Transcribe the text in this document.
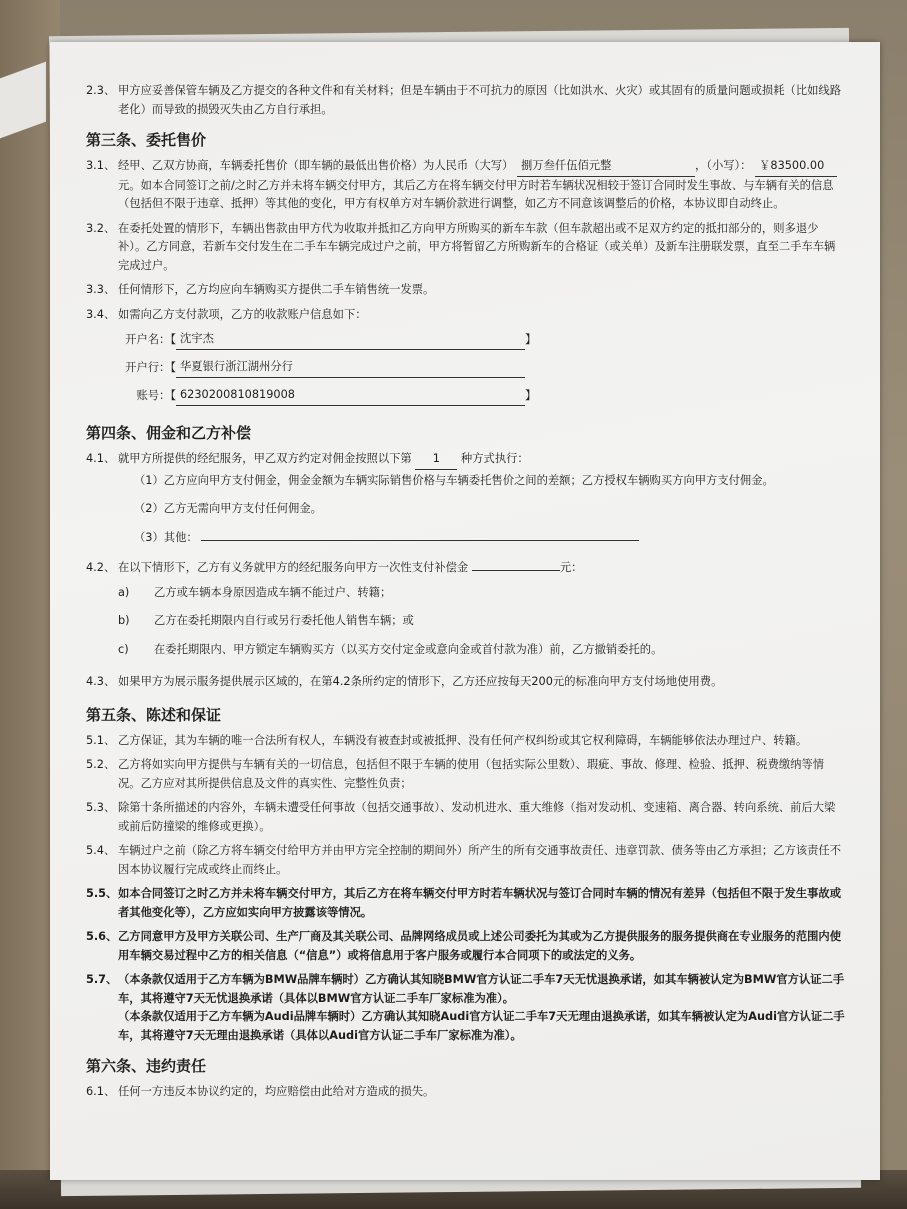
2.3、 甲方应妥善保管车辆及乙方提交的各种文件和有关材料；但是车辆由于不可抗力的原因（比如洪水、火灾）或其固有的质量问题或损耗（比如线路老化）而导致的损毁灭失由乙方自行承担。
第三条、委托售价
3.1、 经甲、乙双方协商，车辆委托售价（即车辆的最低出售价格）为人民币（大写） 捌万叁仟伍佰元整	，（小写）： ￥83500.00元。如本合同签订之前/之时乙方并未将车辆交付甲方，其后乙方在将车辆交付甲方时若车辆状况相较于签订合同时发生事故、与车辆有关的信息（包括但不限于违章、抵押）等其他的变化，甲方有权单方对车辆价款进行调整，如乙方不同意该调整后的价格，本协议即自动终止。
3.2、 在委托处置的情形下，车辆出售款由甲方代为收取并抵扣乙方向甲方所购买的新车车款（但车款超出或不足双方约定的抵扣部分的，则多退少补）。乙方同意，若新车交付发生在二手车车辆完成过户之前，甲方将暂留乙方所购新车的合格证（或关单）及新车注册联发票，直至二手车车辆完成过户。
3.3、 任何情形下，乙方均应向车辆购买方提供二手车销售统一发票。
3.4、 如需向乙方支付款项，乙方的收款账户信息如下：
开户名：【 沈宇杰	】
开户行：【 华夏银行浙江湖州分行
账号：【 6230200810819008	】
第四条、佣金和乙方补偿
4.1、 就甲方所提供的经纪服务，甲乙双方约定对佣金按照以下第 1 种方式执行：
（1）乙方应向甲方支付佣金，佣金金额为车辆实际销售价格与车辆委托售价之间的差额；乙方授权车辆购买方向甲方支付佣金。
（2）乙方无需向甲方支付任何佣金。
（3）其他：
4.2、 在以下情形下，乙方有义务就甲方的经纪服务向甲方一次性支付补偿金	元：
a)	乙方或车辆本身原因造成车辆不能过户、转籍；
b)	乙方在委托期限内自行或另行委托他人销售车辆；或
c)	在委托期限内、甲方锁定车辆购买方（以买方交付定金或意向金或首付款为准）前，乙方撤销委托的。
4.3、 如果甲方为展示服务提供展示区域的，在第4.2条所约定的情形下，乙方还应按每天200元的标准向甲方支付场地使用费。
第五条、陈述和保证
5.1、 乙方保证，其为车辆的唯一合法所有权人，车辆没有被查封或被抵押、没有任何产权纠纷或其它权利障碍，车辆能够依法办理过户、转籍。
5.2、 乙方将如实向甲方提供与车辆有关的一切信息，包括但不限于车辆的使用（包括实际公里数）、瑕疵、事故、修理、检验、抵押、税费缴纳等情况。乙方应对其所提供信息及文件的真实性、完整性负责；
5.3、 除第十条所描述的内容外，车辆未遭受任何事故（包括交通事故）、发动机进水、重大维修（指对发动机、变速箱、离合器、转向系统、前后大梁或前后防撞梁的维修或更换）。
5.4、 车辆过户之前（除乙方将车辆交付给甲方并由甲方完全控制的期间外）所产生的所有交通事故责任、违章罚款、债务等由乙方承担；乙方该责任不因本协议履行完成或终止而终止。
5.5、 如本合同签订之时乙方并未将车辆交付甲方，其后乙方在将车辆交付甲方时若车辆状况与签订合同时车辆的情况有差异（包括但不限于发生事故或者其他变化等），乙方应如实向甲方披露该等情况。
5.6、 乙方同意甲方及甲方关联公司、生产厂商及其关联公司、品牌网络成员或上述公司委托为其或为乙方提供服务的服务提供商在专业服务的范围内使用车辆交易过程中乙方的相关信息（“信息”）或将信息用于客户服务或履行本合同项下的或法定的义务。
5.7、 （本条款仅适用于乙方车辆为BMW品牌车辆时）乙方确认其知晓BMW官方认证二手车7天无忧退换承诺，如其车辆被认定为BMW官方认证二手车，其将遵守7天无忧退换承诺（具体以BMW官方认证二手车厂家标准为准）。
（本条款仅适用于乙方车辆为Audi品牌车辆时）乙方确认其知晓Audi官方认证二手车7天无理由退换承诺，如其车辆被认定为Audi官方认证二手车，其将遵守7天无理由退换承诺（具体以Audi官方认证二手车厂家标准为准）。
第六条、违约责任
6.1、 任何一方违反本协议约定的，均应赔偿由此给对方造成的损失。
